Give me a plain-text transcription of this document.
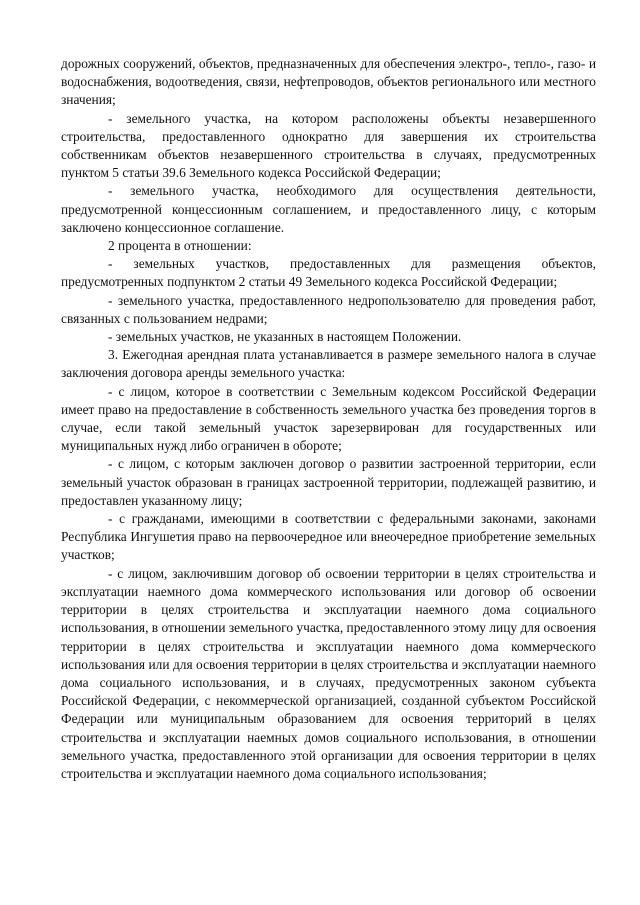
дорожных сооружений, объектов, предназначенных для обеспечения электро-, тепло-, газо- и водоснабжения, водоотведения, связи, нефтепроводов, объектов регионального или местного значения;

- земельного участка, на котором расположены объекты незавершенного строительства, предоставленного однократно для завершения их строительства собственникам объектов незавершенного строительства в случаях, предусмотренных пунктом 5 статьи 39.6 Земельного кодекса Российской Федерации;

- земельного участка, необходимого для осуществления деятельности, предусмотренной концессионным соглашением, и предоставленного лицу, с которым заключено концессионное соглашение.

2 процента в отношении:

- земельных участков, предоставленных для размещения объектов, предусмотренных подпунктом 2 статьи 49 Земельного кодекса Российской Федерации;

- земельного участка, предоставленного недропользователю для проведения работ, связанных с пользованием недрами;

- земельных участков, не указанных в настоящем Положении.

3. Ежегодная арендная плата устанавливается в размере земельного налога в случае заключения договора аренды земельного участка:

- с лицом, которое в соответствии с Земельным кодексом Российской Федерации имеет право на предоставление в собственность земельного участка без проведения торгов в случае, если такой земельный участок зарезервирован для государственных или муниципальных нужд либо ограничен в обороте;

- с лицом, с которым заключен договор о развитии застроенной территории, если земельный участок образован в границах застроенной территории, подлежащей развитию, и предоставлен указанному лицу;

- с гражданами, имеющими в соответствии с федеральными законами, законами Республика Ингушетия право на первоочередное или внеочередное приобретение земельных участков;

- с лицом, заключившим договор об освоении территории в целях строительства и эксплуатации наемного дома коммерческого использования или договор об освоении территории в целях строительства и эксплуатации наемного дома социального использования, в отношении земельного участка, предоставленного этому лицу для освоения территории в целях строительства и эксплуатации наемного дома коммерческого использования или для освоения территории в целях строительства и эксплуатации наемного дома социального использования, и в случаях, предусмотренных законом субъекта Российской Федерации, с некоммерческой организацией, созданной субъектом Российской Федерации или муниципальным образованием для освоения территорий в целях строительства и эксплуатации наемных домов социального использования, в отношении земельного участка, предоставленного этой организации для освоения территории в целях строительства и эксплуатации наемного дома социального использования;
